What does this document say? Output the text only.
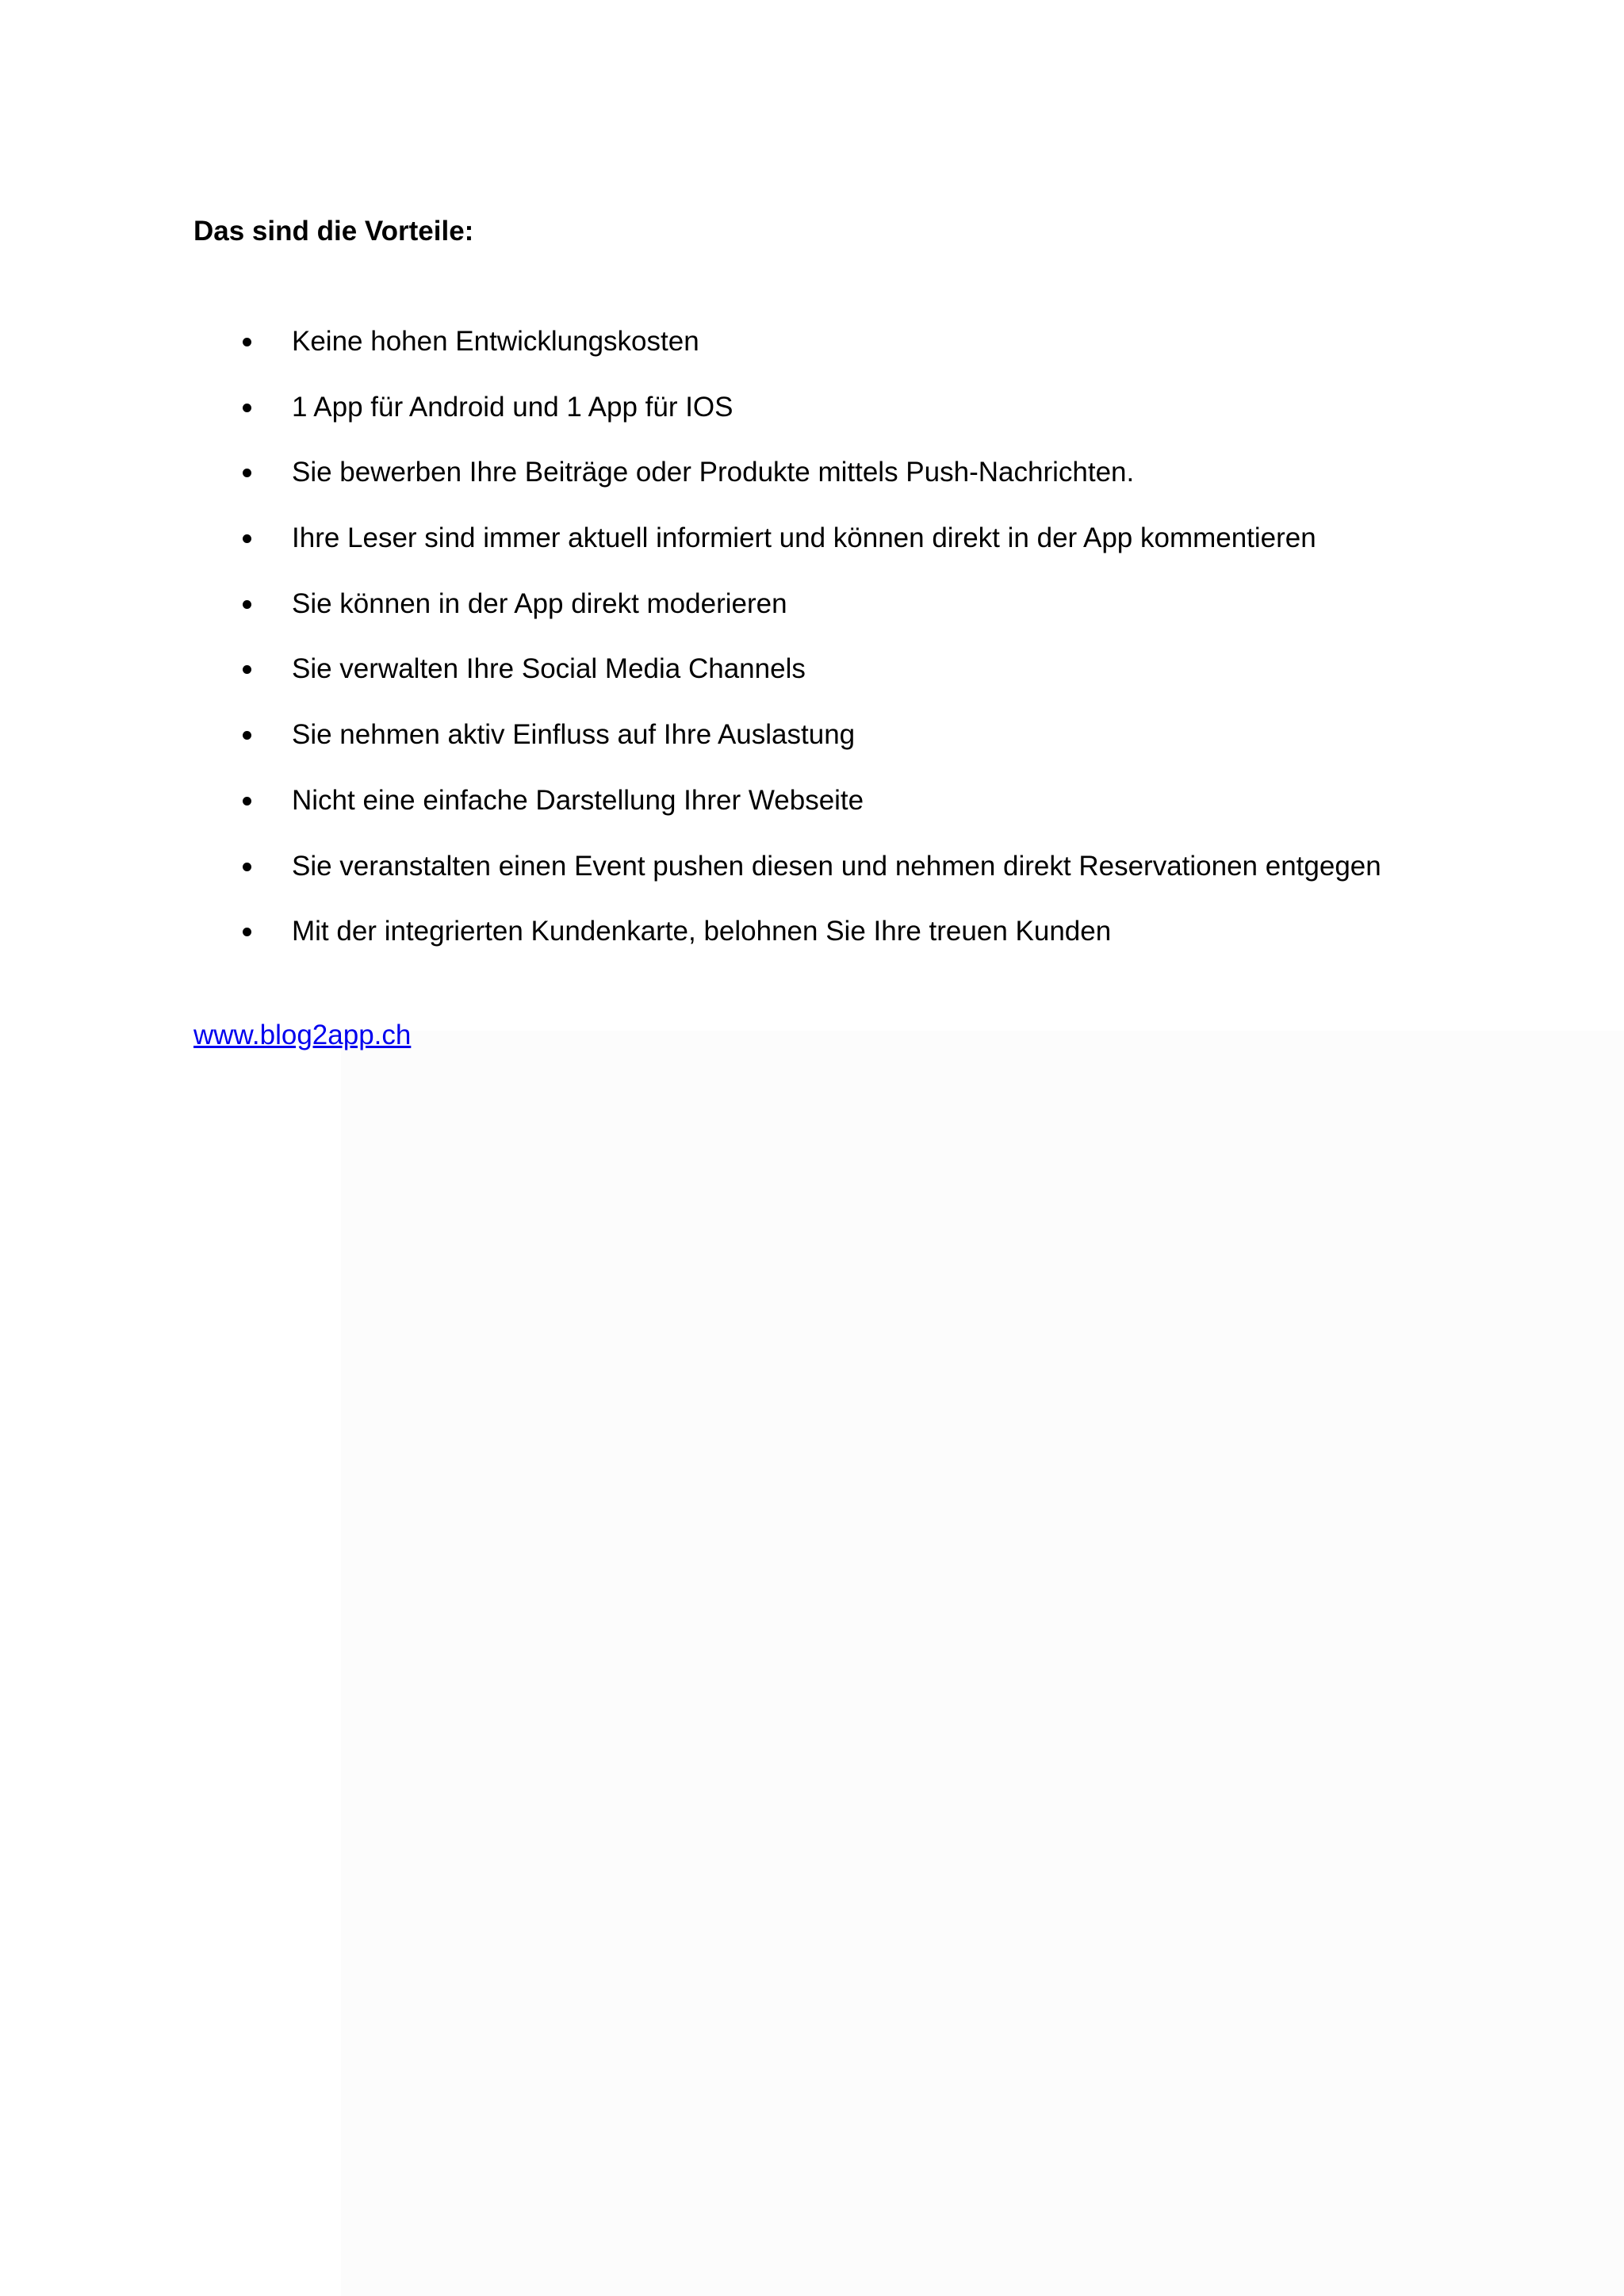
Das sind die Vorteile:
Keine hohen Entwicklungskosten
1 App für Android und 1 App für IOS
Sie bewerben Ihre Beiträge oder Produkte mittels Push-Nachrichten.
Ihre Leser sind immer aktuell informiert und können direkt in der App kommentieren
Sie können in der App direkt moderieren
Sie verwalten Ihre Social Media Channels
Sie nehmen aktiv Einfluss auf Ihre Auslastung
Nicht eine einfache Darstellung Ihrer Webseite
Sie veranstalten einen Event pushen diesen und nehmen direkt Reservationen entgegen
Mit der integrierten Kundenkarte, belohnen Sie Ihre treuen Kunden
www.blog2app.ch
